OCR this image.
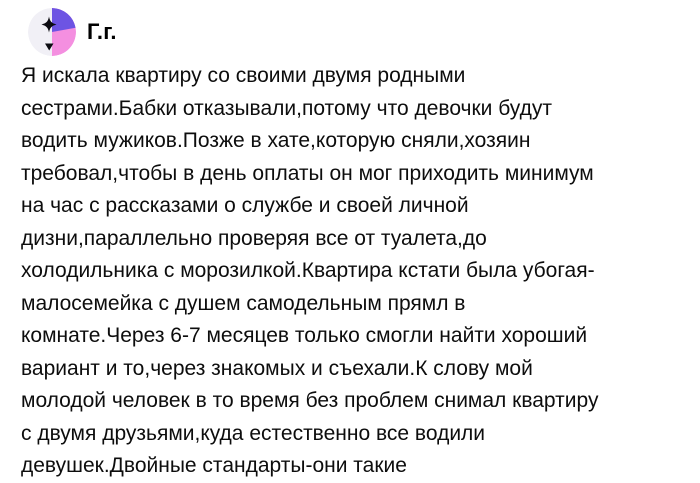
Г.г.
Я искала квартиру со своими двумя родными
сестрами.Бабки отказывали,потому что девочки будут
водить мужиков.Позже в хате,которую сняли,хозяин
требовал,чтобы в день оплаты он мог приходить минимум
на час с рассказами о службе и своей личной
дизни,параллельно проверяя все от туалета,до
холодильника с морозилкой.Квартира кстати была убогая-
малосемейка с душем самодельным прямл в
комнате.Через 6-7 месяцев только смогли найти хороший
вариант и то,через знакомых и съехали.К слову мой
молодой человек в то время без проблем снимал квартиру
с двумя друзьями,куда естественно все водили
девушек.Двойные стандарты-они такие
